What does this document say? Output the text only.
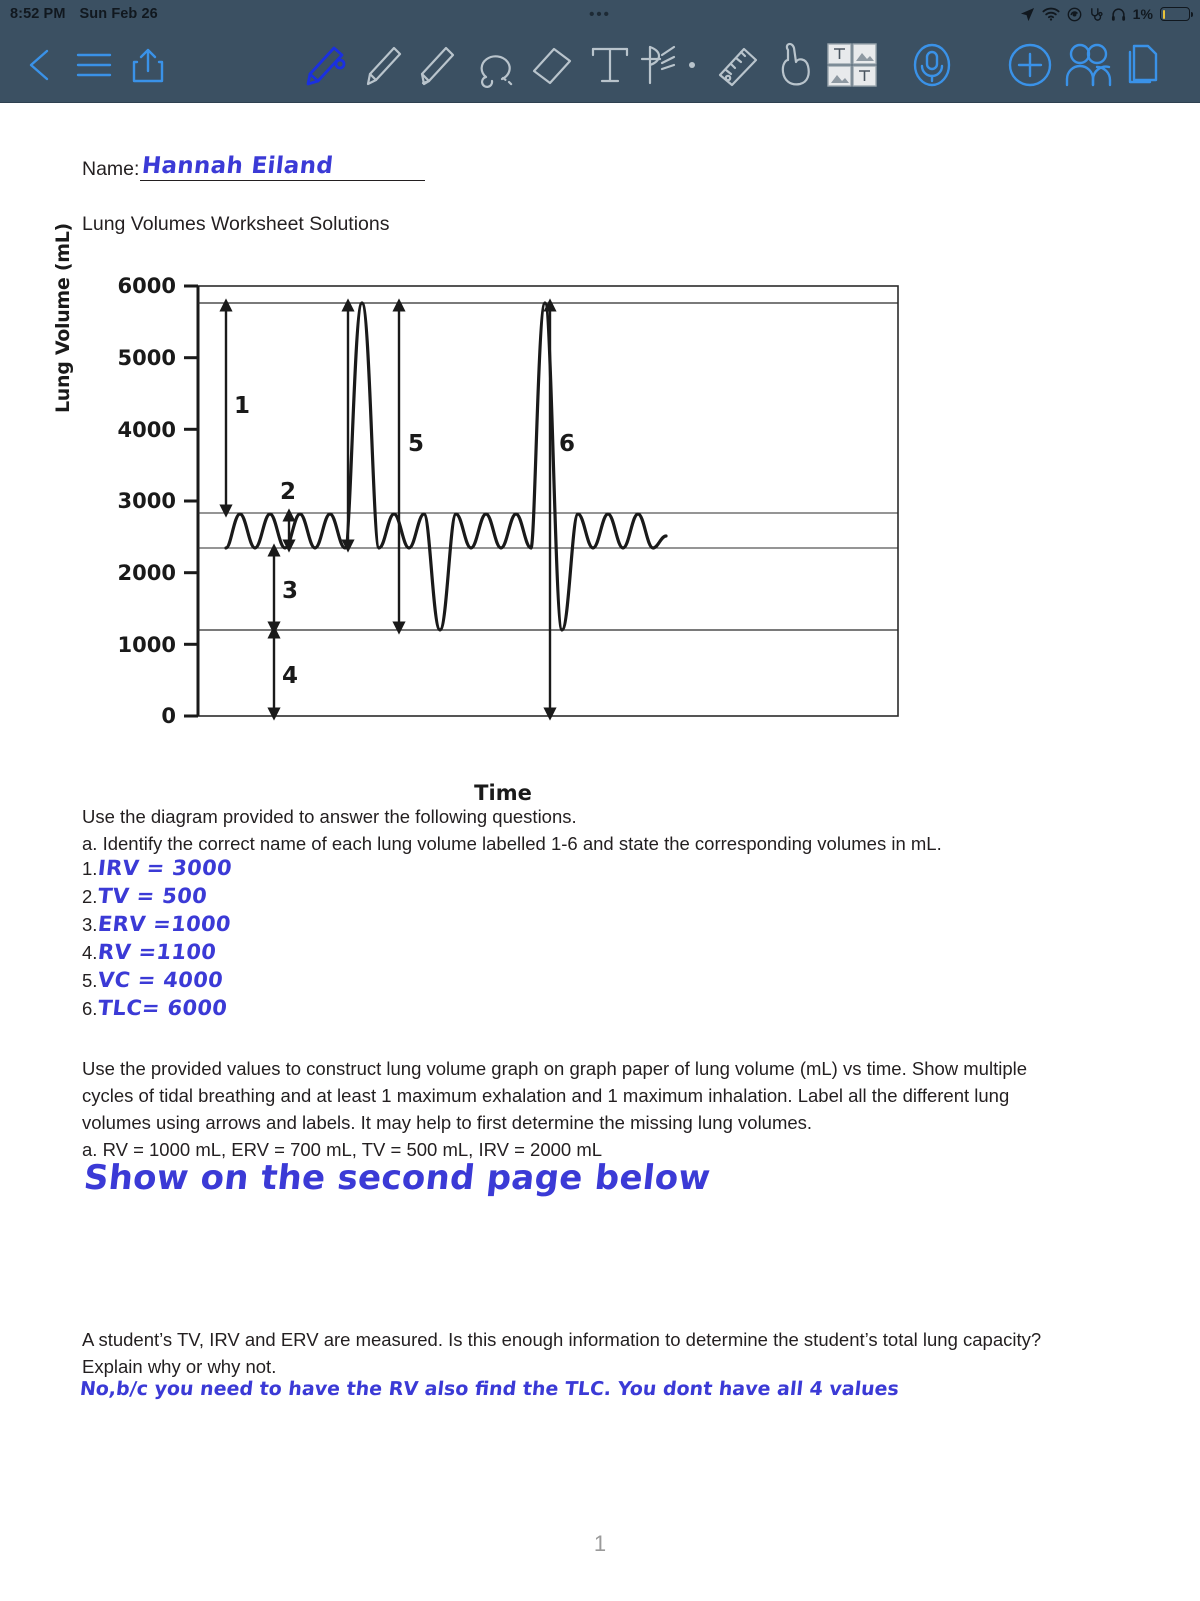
8:52 PM Sun Feb 26	•••	1%
Name: Hannah Eiland
Lung Volumes Worksheet Solutions
Lung Volume (mL) 6000
5000
4000
3000
2000
1000
0
1
2
3
4
5	6
Time
Use the diagram provided to answer the following questions.
a. Identify the correct name of each lung volume labelled 1-6 and state the corresponding volumes in mL.
1. IRV = 3000
2. TV = 500
3. ERV =1000
4. RV =1100
5. VC = 4000
6. TLC= 6000
Use the provided values to construct lung volume graph on graph paper of lung volume (mL) vs time. Show multiple cycles of tidal breathing and at least 1 maximum exhalation and 1 maximum inhalation. Label all the different lung volumes using arrows and labels. It may help to first determine the missing lung volumes.
a. RV = 1000 mL, ERV = 700 mL, TV = 500 mL, IRV = 2000 mL
Show on the second page below
A student’s TV, IRV and ERV are measured. Is this enough information to determine the student’s total lung capacity? Explain why or why not.
No,b/c you need to have the RV also find the TLC. You dont have all 4 values
1
